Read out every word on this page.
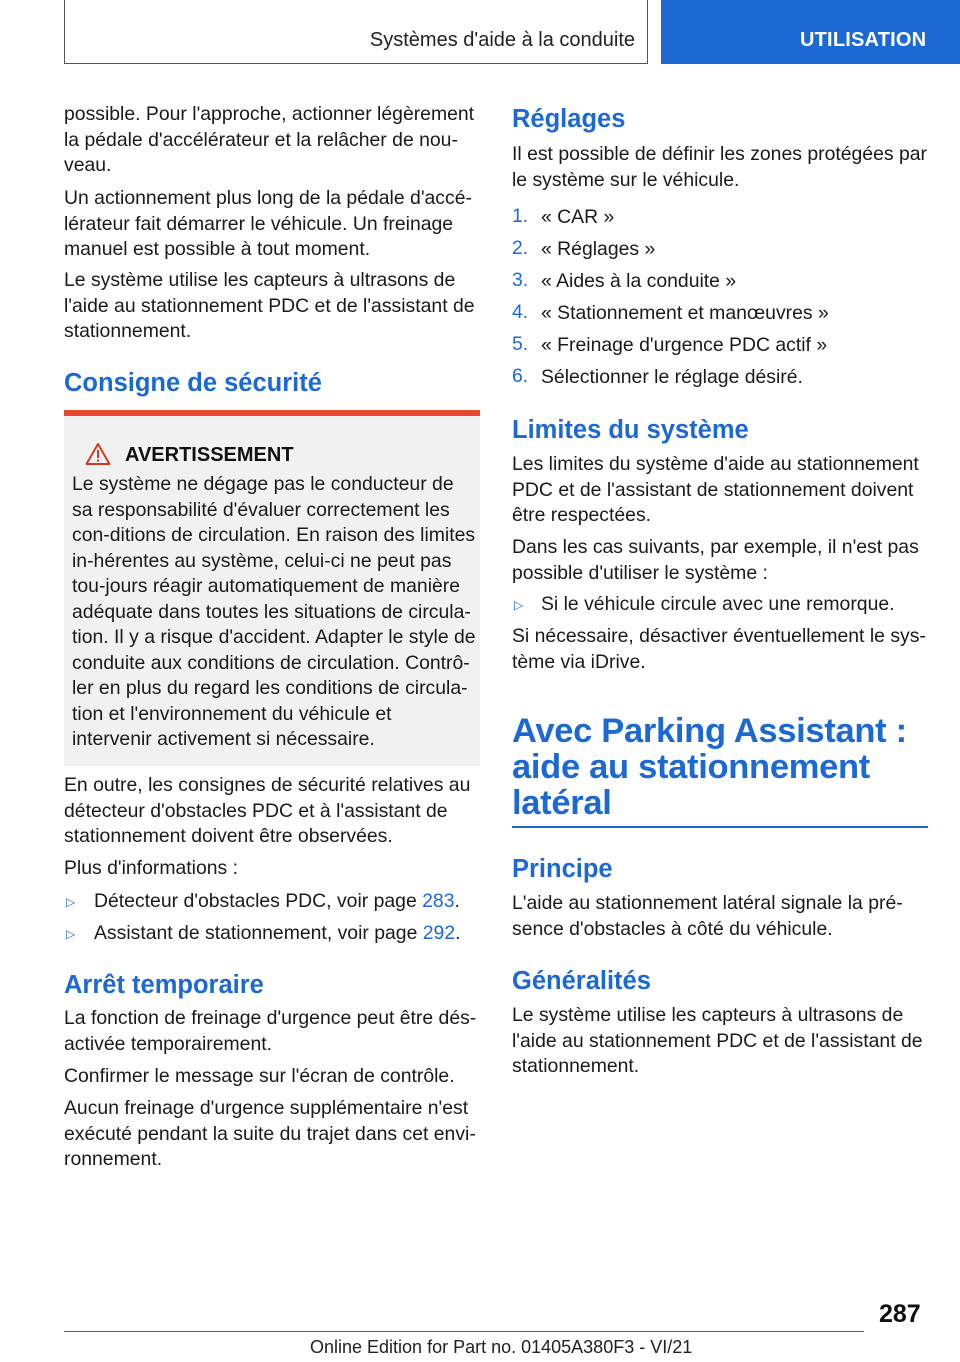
Systèmes d'aide à la conduite	UTILISATION

possible. Pour l'approche, actionner légèrement la pédale d'accélérateur et la relâcher de nou-veau.

Un actionnement plus long de la pédale d'accé-lérateur fait démarrer le véhicule. Un freinage manuel est possible à tout moment.

Le système utilise les capteurs à ultrasons de l'aide au stationnement PDC et de l'assistant de stationnement.

Consigne de sécurité
AVERTISSEMENT

Le système ne dégage pas le conducteur de sa responsabilité d'évaluer correctement les con-ditions de circulation. En raison des limites in-hérentes au système, celui-ci ne peut pas tou-jours réagir automatiquement de manière adéquate dans toutes les situations de circula-tion. Il y a risque d'accident. Adapter le style de conduite aux conditions de circulation. Contrô-ler en plus du regard les conditions de circula-tion et l'environnement du véhicule et intervenir activement si nécessaire.

En outre, les consignes de sécurité relatives au détecteur d'obstacles PDC et à l'assistant de stationnement doivent être observées.

Plus d'informations :

▷ Détecteur d'obstacles PDC, voir page 283.

▷ Assistant de stationnement, voir page 292.

Arrêt temporaire

La fonction de freinage d'urgence peut être dés-activée temporairement.

Confirmer le message sur l'écran de contrôle.

Aucun freinage d'urgence supplémentaire n'est exécuté pendant la suite du trajet dans cet envi-ronnement.

Réglages

Il est possible de définir les zones protégées par le système sur le véhicule.

1. « CAR »

2. « Réglages »

3. « Aides à la conduite »

4. « Stationnement et manœuvres »

5. « Freinage d'urgence PDC actif »

6. Sélectionner le réglage désiré.

Limites du système

Les limites du système d'aide au stationnement PDC et de l'assistant de stationnement doivent être respectées.

Dans les cas suivants, par exemple, il n'est pas possible d'utiliser le système :

▷ Si le véhicule circule avec une remorque.

Si nécessaire, désactiver éventuellement le sys-tème via iDrive.

Avec Parking Assistant : aide au stationnement latéral
Principe

L'aide au stationnement latéral signale la pré-sence d'obstacles à côté du véhicule.

Généralités

Le système utilise les capteurs à ultrasons de l'aide au stationnement PDC et de l'assistant de stationnement.

287
Online Edition for Part no. 01405A380F3 - VI/21
